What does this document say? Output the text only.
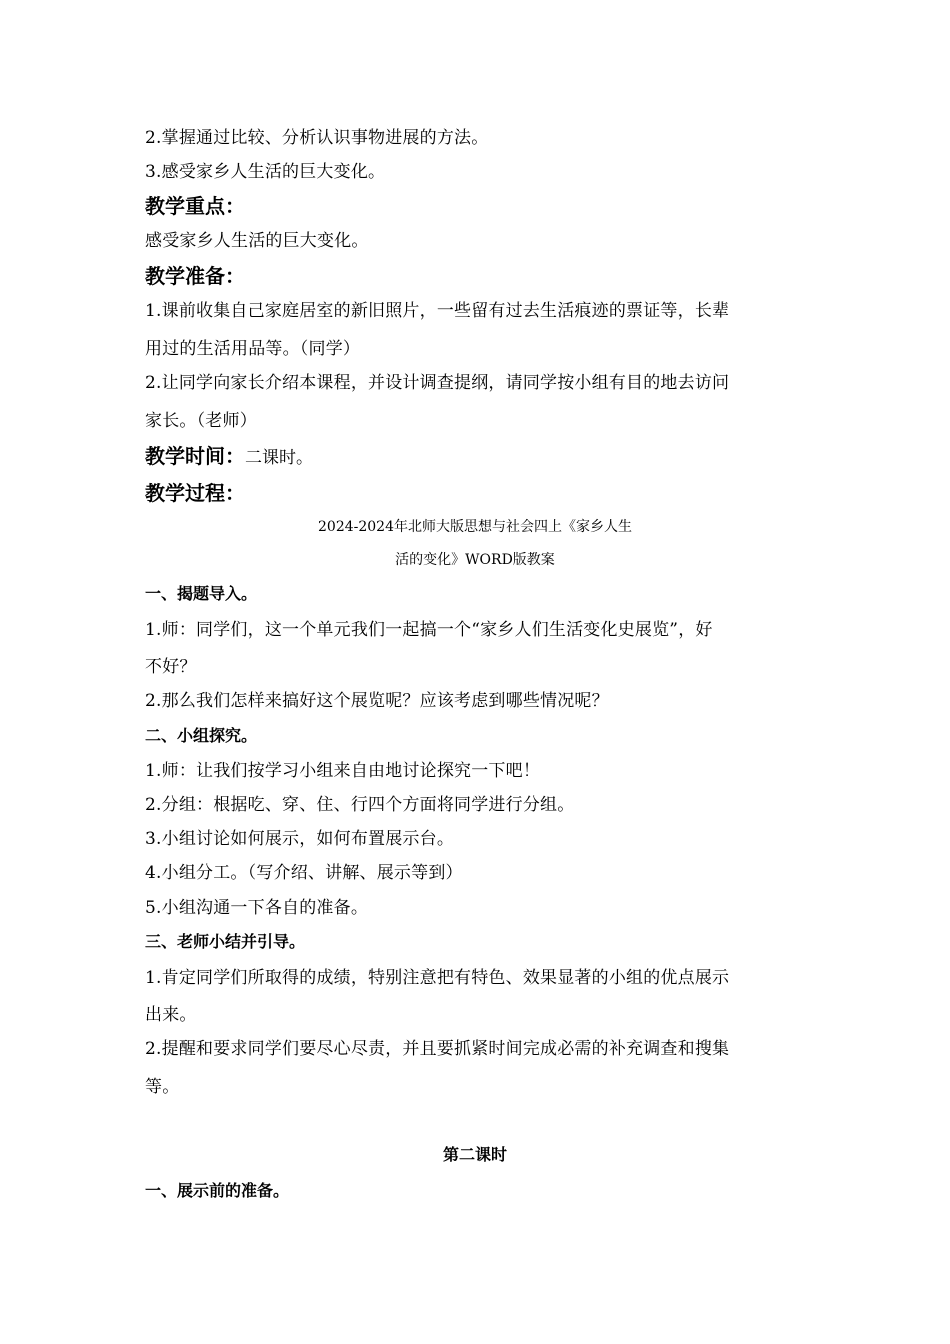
2.掌握通过比较、分析认识事物进展的方法。

3.感受家乡人生活的巨大变化。

教学重点：

感受家乡人生活的巨大变化。

教学准备：

1.课前收集自己家庭居室的新旧照片，一些留有过去生活痕迹的票证等，长辈

用过的生活用品等。（同学）

2.让同学向家长介绍本课程，并设计调查提纲，请同学按小组有目的地去访问

家长。（老师）

教学时间：二课时。

教学过程：

2024-2024年北师大版思想与社会四上《家乡人生

活的变化》WORD版教案

一、揭题导入。

1.师：同学们，这一个单元我们一起搞一个“家乡人们生活变化史展览”，好

不好？

2.那么我们怎样来搞好这个展览呢？应该考虑到哪些情况呢？

二、小组探究。

1.师：让我们按学习小组来自由地讨论探究一下吧！

2.分组：根据吃、穿、住、行四个方面将同学进行分组。

3.小组讨论如何展示，如何布置展示台。

4.小组分工。（写介绍、讲解、展示等到）

5.小组沟通一下各自的准备。

三、老师小结并引导。

1.肯定同学们所取得的成绩，特别注意把有特色、效果显著的小组的优点展示

出来。

2.提醒和要求同学们要尽心尽责，并且要抓紧时间完成必需的补充调查和搜集

等。

第二课时

一、展示前的准备。
